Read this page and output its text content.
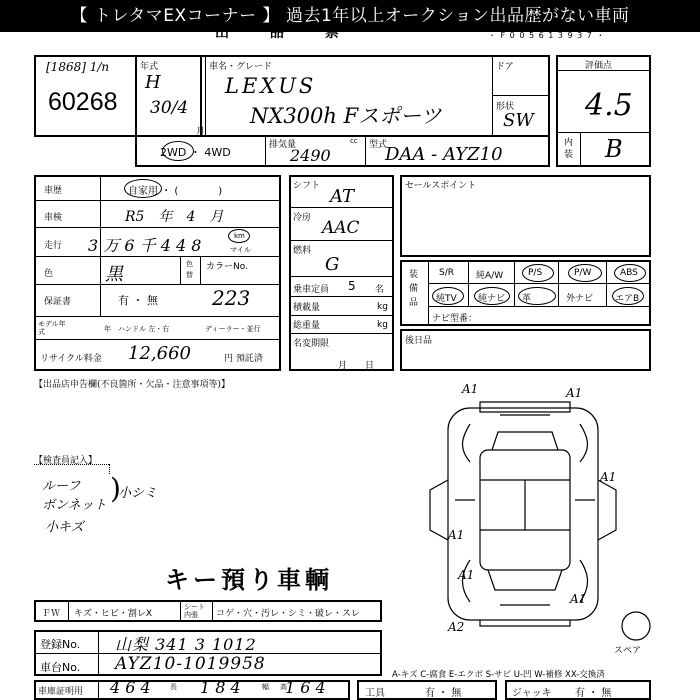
【 トレタマEXコーナー 】 過去1年以上オークション出品歴がない車両
出 品 票	・ F 0 0 5 6 1 3 9 3 7 ・
[1868] 1/n
60268
年式
H
30/4
月
車名・グレード
LEXUS
NX300h Fスポーツ
ドア
形状
SW
評価点
4.5
内装 B
2WD ・ 4WD
排気量	cc
2490
型式
DAA - AYZ10
車歴	自家用 ・ (　　　　)
車検	R5　年　4　月
走行 3 万 6 千 4 4 8	km
マイル
色	黒	色替
カラーNo.
保証書	有 ・ 無	223
モデル年式	年 ハンドル 左・右	ディーラー・並行
リサイクル料金 12,660	円 預託済
シフト AT
冷房 AAC
燃料
G
乗車定員 5 名
積載量	kg
総重量	kg
名変期限
月　　日
セールスポイント
装備品
S/R 純A/W	P/S	P/W	ABS
純TV 純ナビ 革	外ナビ エアB
ナビ型番：
後日品
【出品店申告欄(不良箇所・欠品・注意事項等)】
【検査員記入】
ルーフ
ボンネット
小キズ
小シミ
)
キー預り車輌
A1	A1
A1
A1
A1
A1
A2
スペア
ＦＷ キズ・ヒビ・割レX
シート内張	コゲ・穴・汚レ・シミ・破レ・スレ
登録No. 山梨 341 3 1012
車台No. AYZ10-1019958
A-キズ C-腐食 E-エクボ S-サビ U-凹 W-補修 XX-交換済
車庫証明用 4 6 4	長 1 8 4	幅 1 6 4
高
工具	有 ・ 無	ジャッキ 有 ・ 無
